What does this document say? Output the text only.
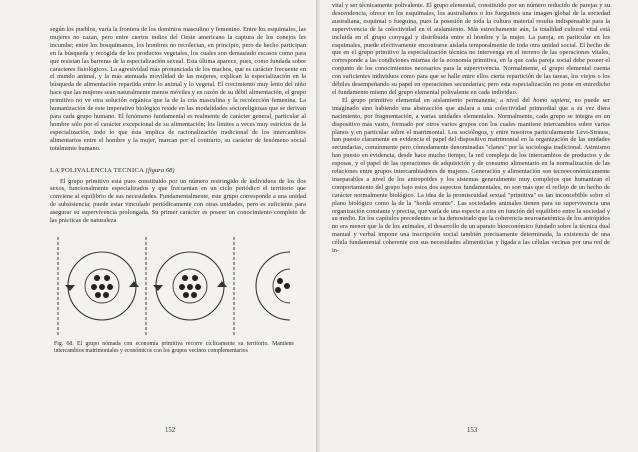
según los pueblos, varía la frontera de los dominios masculino y femenino. Entre los esquimales, las mujeres no cazan, pero entre ciertos indios del Oeste americano la captura de los conejos les incumbe; entre los bosquimanos, los hombres no recolectan, en principio, pero de hecho participan en la búsqueda y recogida de los productos vegetales, los cuales son demasiado escasos como para que resistan las barreras de la especialización sexual. Esta última aparece, pues, como fundada sobre caracteres fisiológicos. La agresividad más pronunciada de los machos, que es carácter frecuente en el mundo animal, y la más atenuada movilidad de las mujeres, explican la especialización en la búsqueda de alimentación repartida entre lo animal y lo vegetal. El crecimiento muy lento del niño hace que las mujeres sean naturalmente menos móviles y en razón de su débil alimentación, el grupo primitivo no ve otra solución orgánica que la de la cría masculina y la recolección femenina. La humanización de este imperativo biológico reside en las modalidades socioreligiosas que se derivan para cada grupo humano. El fenómeno fundamental es realmente de carácter general, particular al hombre sólo por el carácter excepcional de su alimentación; los límites a veces muy estrictos de la especialización, todo lo que ésta implica de racionalización tradicional de los intercambios alimentarios entre el hombre y la mujer, marcan por el contrario, su carácter de fenómeno social totalmente humano.

LA POLIVALENCIA TECNICA (figura 68)

El grupo primitivo está pues constituido por un número restringido de individuos de los dos sexos, funcionalmente especializados y que frecuentan en un ciclo periódico el territorio que conviene al equilibrio de sus necesidades. Fundamentalmente, este grupo corresponde a una unidad de subsistencia; puede estar vinculado periódicamente con otras unidades, pero es suficiente para asegurar su supervivencia prolongada. Su primer carácter es poseer un conocimiento completo de las prácticas de naturaleza

Fig. 68. El grupo nómada con economía primitiva recorre cíclicamente su territorio. Mantiene intercambios matrimoniales y económicos con los grupos vecinos complementarios

152

vital y ser técnicamente polivalente. El grupo elemental, constituido por un número reducido de parejas y su descendencia, ofrece en los esquimales, los australianos o los fueguinos una imagen global de la sociedad australiana, esquimal o fueguina, pues la posesión de toda la cultura material resulta indispensable para la supervivencia de la colectividad en el aislamiento. Más estrechamente aún, la totalidad cultural vital está incluida en el grupo conyugal y distribuida entre el hombre y la mujer. La pareja, en particular en los esquimales, puede efectivamente encontrarse aislada temporalmente de toda otra unidad social. El hecho de que en el grupo primitivo la especialización técnica no intervenga en el terreno de las operaciones vitales, corresponde a las condiciones mismas de la economía primitiva, en la que cada pareja social debe poseer el conjunto de los conocimientos necesarios para la supervivencia. Normalmente, el grupo elemental cuenta con suficientes individuos como para que se halle entre ellos cierta repartición de las tareas, los viejos o los débiles desempeñando su papel en operaciones secundarias; pero esta especialización no pone en entredicho el fundamento mismo del grupo elemental polivalente en cada individuo.

El grupo primitivo elemental en aislamiento permanente, a nivel del homo sapiens, no puede ser imaginado sino habiendo una abstracción que aislara a una colectividad primordial que a su vez diera nacimiento, por fragmentación, a varias unidades elementales. Normalmente, cada grupo se integra en un dispositivo más vasto, formado por otros varios grupos con los cuales mantiene intercambios sobre varios planos y en particular sobre el matrimonial. Los sociólogos, y entre nosotros particularmente Levi-Strauss, han puesto claramente en evidencia el papel del dispositivo matrimonial en la organización de las unidades secundarias, comúnmente pero cómodamente denominadas "clanes" por la sociología tradicional. Asimismo han puesto en evidencia, desde hace mucho tiempo, la red compleja de los intercambios de productos y de esposas, y el papel de las operaciones de adquisición y de consumo alimentario en la normalización de las relaciones entre grupos intercambiadores de mujeres. Generación y alimentación son tecnoeconómicamente inseparables a nivel de los antropoides y los sistemas generalmente muy complejos que humanizan el comportamiento del grupo bajo estos dos aspectos fundamentales, no son más que el reflejo de un hecho de carácter normalmente biológico. La idea de la promiscuidad sexual "primitiva" es tan inconcebible sobre el plano biológico como la de la "horda errante". Las sociedades animales tienen para su supervivencia una organización constante y precisa, que varía de una especie a otra en función del equilibrio entre la sociedad y su medio. En los capítulos precedentes se ha demostrado que la coherencia neuroanatómica de los antrópidos no era menor que la de los animales, el desarrollo de un aparato bioeconómico fundado sobre la técnica dual manual y verbal impone una inscripción social también precisamente determinada, la existencia de una célula fundamental coherente con sus necesidades alimenticias y ligada a las células vecinas por una red de in-

153
